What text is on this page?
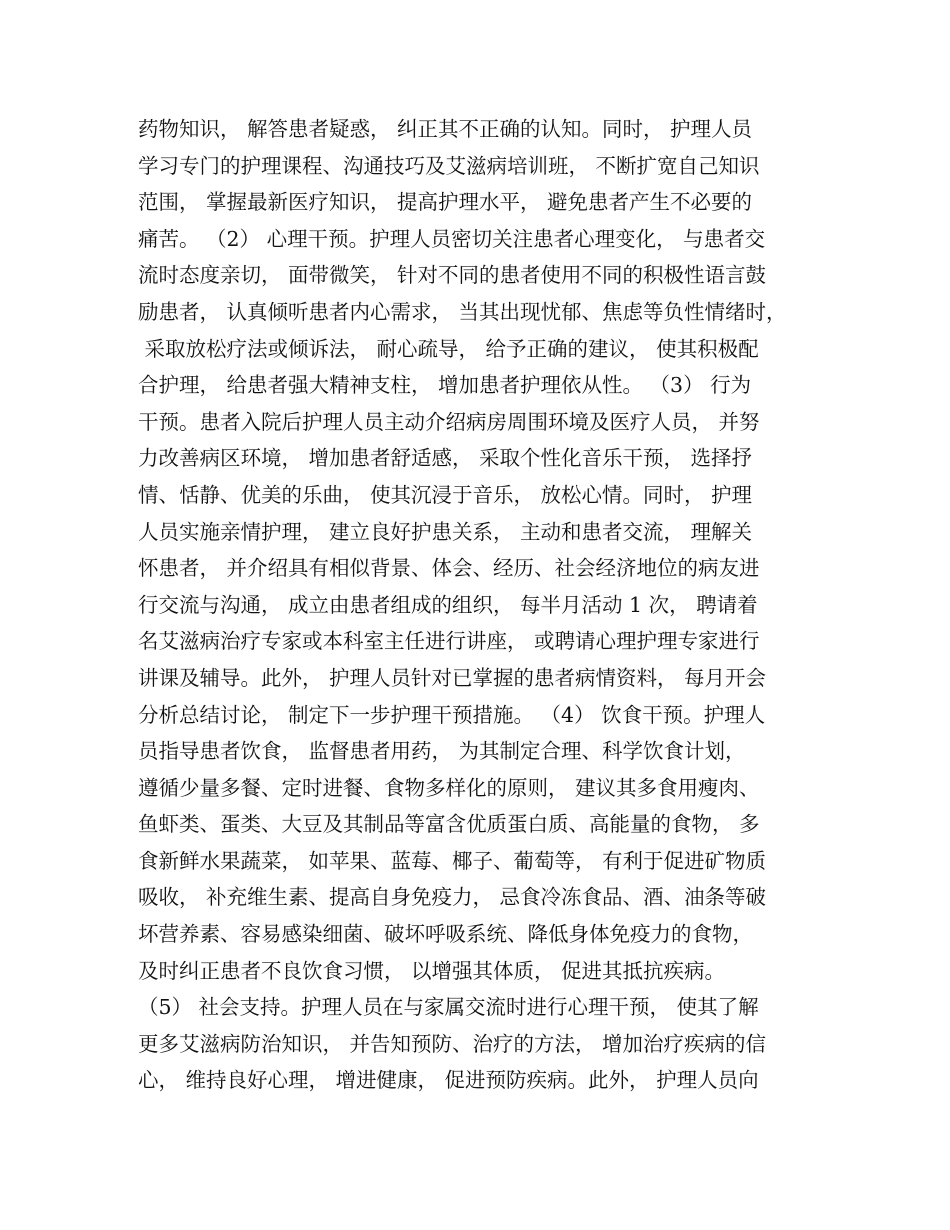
药物知识， 解答患者疑惑， 纠正其不正确的认知。同时， 护理人员
学习专门的护理课程、沟通技巧及艾滋病培训班， 不断扩宽自己知识
范围， 掌握最新医疗知识， 提高护理水平， 避免患者产生不必要的
痛苦。 （2） 心理干预。护理人员密切关注患者心理变化， 与患者交
流时态度亲切， 面带微笑， 针对不同的患者使用不同的积极性语言鼓
励患者， 认真倾听患者内心需求， 当其出现忧郁、焦虑等负性情绪时，
采取放松疗法或倾诉法， 耐心疏导， 给予正确的建议， 使其积极配
合护理， 给患者强大精神支柱， 增加患者护理依从性。 （3） 行为
干预。患者入院后护理人员主动介绍病房周围环境及医疗人员， 并努
力改善病区环境， 增加患者舒适感， 采取个性化音乐干预， 选择抒
情、恬静、优美的乐曲， 使其沉浸于音乐， 放松心情。同时， 护理
人员实施亲情护理， 建立良好护患关系， 主动和患者交流， 理解关
怀患者， 并介绍具有相似背景、体会、经历、社会经济地位的病友进
行交流与沟通， 成立由患者组成的组织， 每半月活动 1 次， 聘请着
名艾滋病治疗专家或本科室主任进行讲座， 或聘请心理护理专家进行
讲课及辅导。此外， 护理人员针对已掌握的患者病情资料， 每月开会
分析总结讨论， 制定下一步护理干预措施。 （4） 饮食干预。护理人
员指导患者饮食， 监督患者用药， 为其制定合理、科学饮食计划，
遵循少量多餐、定时进餐、食物多样化的原则， 建议其多食用瘦肉、
鱼虾类、蛋类、大豆及其制品等富含优质蛋白质、高能量的食物， 多
食新鲜水果蔬菜， 如苹果、蓝莓、椰子、葡萄等， 有利于促进矿物质
吸收， 补充维生素、提高自身免疫力， 忌食冷冻食品、酒、油条等破
坏营养素、容易感染细菌、破坏呼吸系统、降低身体免疫力的食物，
及时纠正患者不良饮食习惯， 以增强其体质， 促进其抵抗疾病。
（5） 社会支持。护理人员在与家属交流时进行心理干预， 使其了解
更多艾滋病防治知识， 并告知预防、治疗的方法， 增加治疗疾病的信
心， 维持良好心理， 增进健康， 促进预防疾病。此外， 护理人员向
